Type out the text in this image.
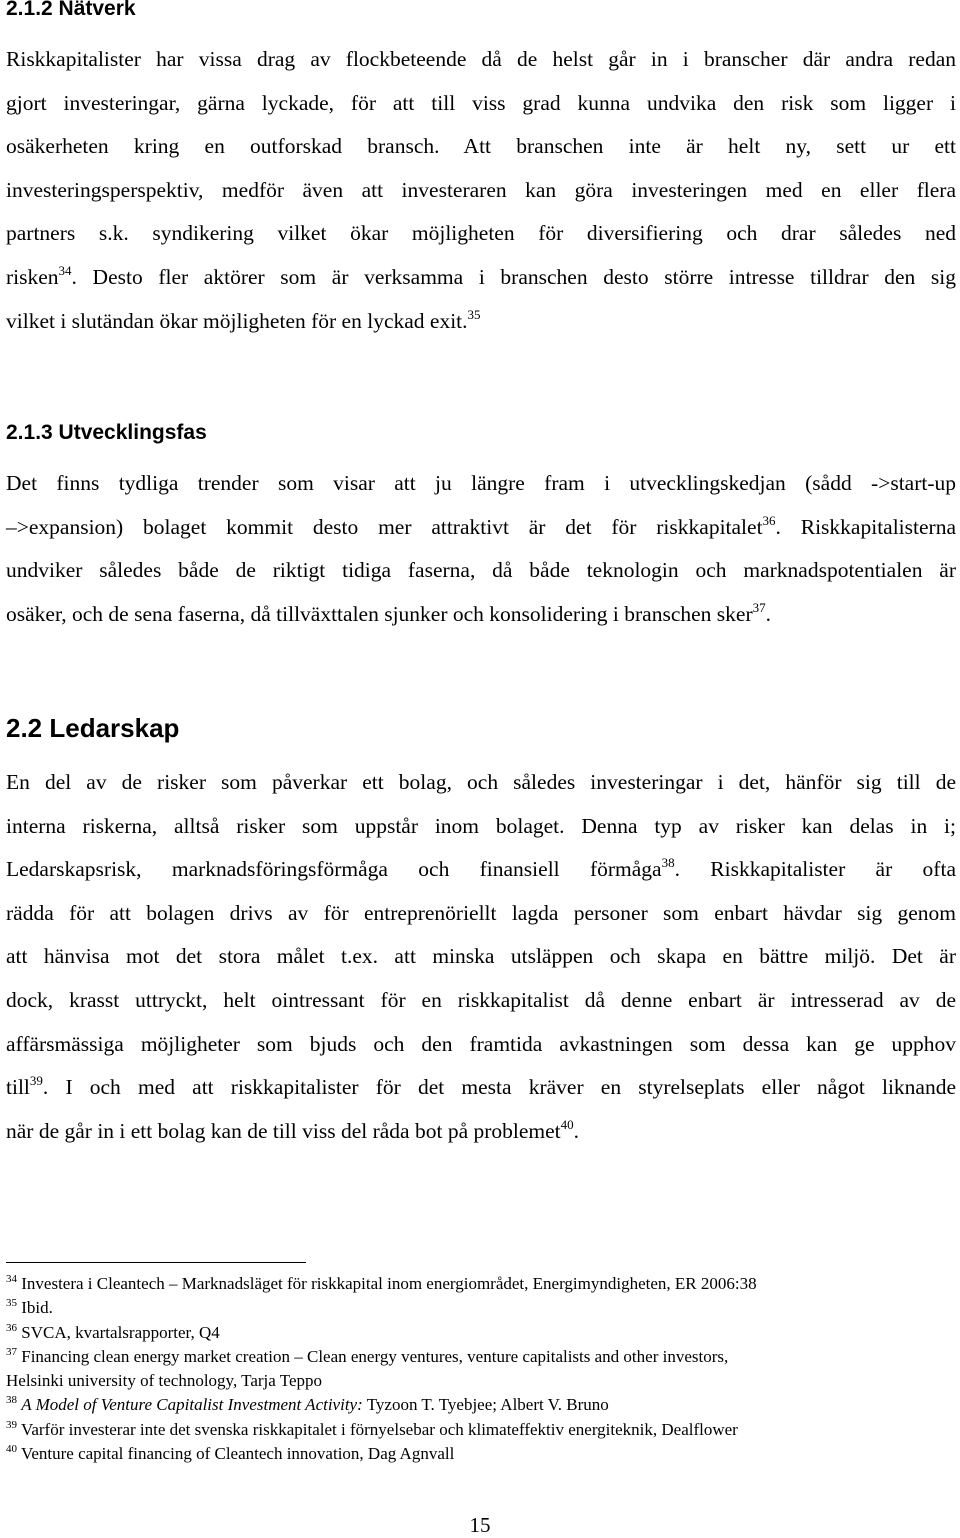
2.1.2 Nätverk
Riskkapitalister har vissa drag av flockbeteende då de helst går in i branscher där andra redan
gjort investeringar, gärna lyckade, för att till viss grad kunna undvika den risk som ligger i
osäkerheten kring en outforskad bransch. Att branschen inte är helt ny, sett ur ett
investeringsperspektiv, medför även att investeraren kan göra investeringen med en eller flera
partners s.k. syndikering vilket ökar möjligheten för diversifiering och drar således ned
risken$^{34}$. Desto fler aktörer som är verksamma i branschen desto större intresse tilldrar den sig
vilket i slutändan ökar möjligheten för en lyckad exit.$^{35}$
2.1.3 Utvecklingsfas
Det finns tydliga trender som visar att ju längre fram i utvecklingskedjan (sådd ->start-up
–>expansion) bolaget kommit desto mer attraktivt är det för riskkapitalet$^{36}$. Riskkapitalisterna
undviker således både de riktigt tidiga faserna, då både teknologin och marknadspotentialen är
osäker, och de sena faserna, då tillväxttalen sjunker och konsolidering i branschen sker$^{37}$.
2.2 Ledarskap
En del av de risker som påverkar ett bolag, och således investeringar i det, hänför sig till de
interna riskerna, alltså risker som uppstår inom bolaget. Denna typ av risker kan delas in i;
Ledarskapsrisk, marknadsföringsförmåga och finansiell förmåga$^{38}$. Riskkapitalister är ofta
rädda för att bolagen drivs av för entreprenöriellt lagda personer som enbart hävdar sig genom
att hänvisa mot det stora målet t.ex. att minska utsläppen och skapa en bättre miljö. Det är
dock, krasst uttryckt, helt ointressant för en riskkapitalist då denne enbart är intresserad av de
affärsmässiga möjligheter som bjuds och den framtida avkastningen som dessa kan ge upphov
till$^{39}$. I och med att riskkapitalister för det mesta kräver en styrelseplats eller något liknande
när de går in i ett bolag kan de till viss del råda bot på problemet$^{40}$.
$^{34}$ Investera i Cleantech – Marknadsläget för riskkapital inom energiområdet, Energimyndigheten, ER 2006:38
$^{35}$ Ibid.
$^{36}$ SVCA, kvartalsrapporter, Q4
$^{37}$ Financing clean energy market creation – Clean energy ventures, venture capitalists and other investors,
Helsinki university of technology, Tarja Teppo
$^{38}$ A Model of Venture Capitalist Investment Activity: Tyzoon T. Tyebjee; Albert V. Bruno
$^{39}$ Varför investerar inte det svenska riskkapitalet i förnyelsebar och klimateffektiv energiteknik, Dealflower
$^{40}$ Venture capital financing of Cleantech innovation, Dag Agnvall
15
